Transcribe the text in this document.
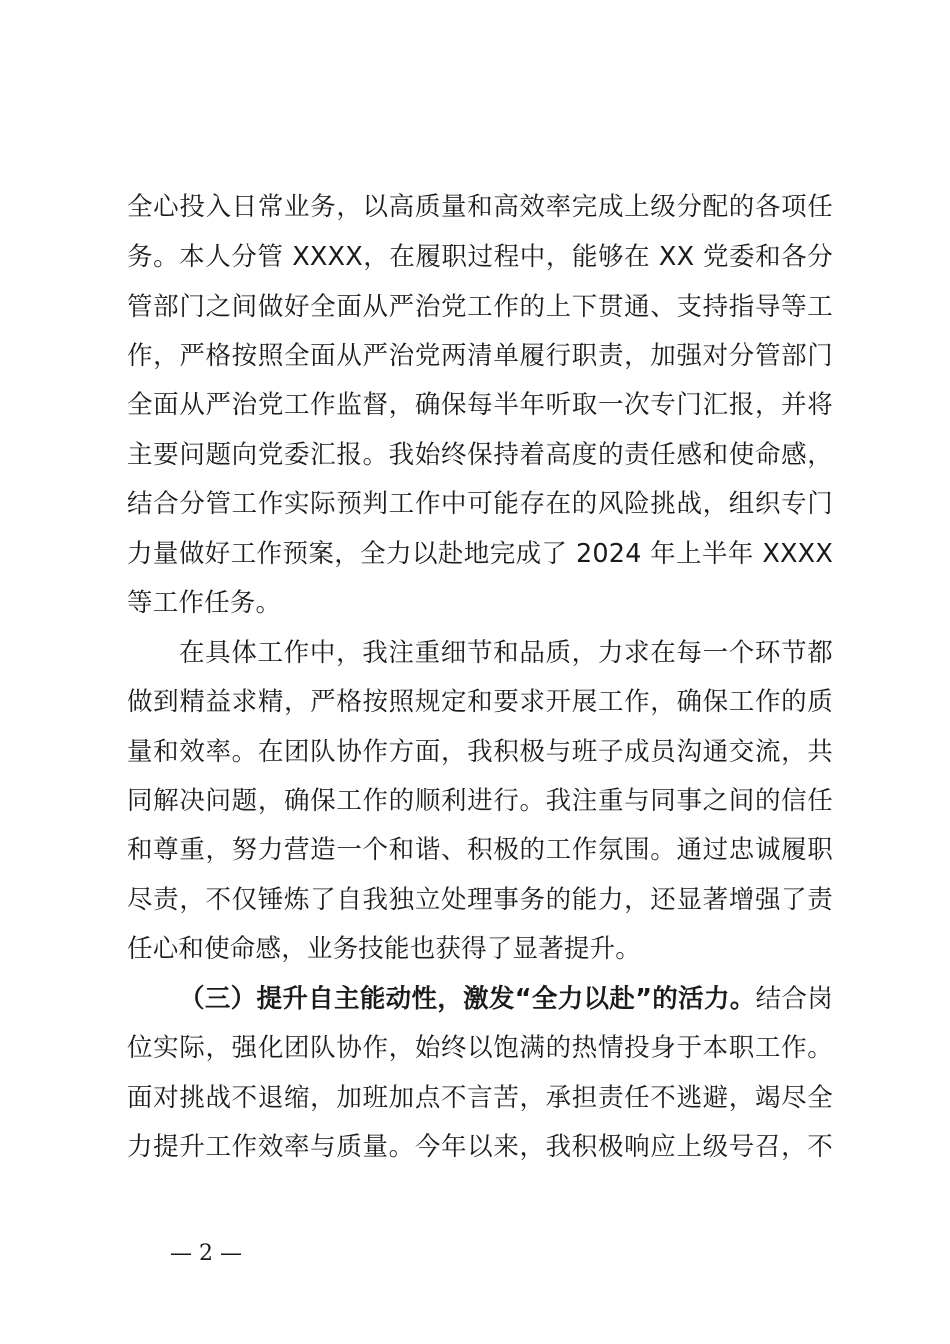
全心投入日常业务，以高质量和高效率完成上级分配的各项任
务。本人分管 XXXX，在履职过程中，能够在 XX 党委和各分
管部门之间做好全面从严治党工作的上下贯通、支持指导等工
作，严格按照全面从严治党两清单履行职责，加强对分管部门
全面从严治党工作监督，确保每半年听取一次专门汇报，并将
主要问题向党委汇报。我始终保持着高度的责任感和使命感，
结合分管工作实际预判工作中可能存在的风险挑战，组织专门
力量做好工作预案，全力以赴地完成了 2024 年上半年 XXXX
等工作任务。
在具体工作中，我注重细节和品质，力求在每一个环节都
做到精益求精，严格按照规定和要求开展工作，确保工作的质
量和效率。在团队协作方面，我积极与班子成员沟通交流，共
同解决问题，确保工作的顺利进行。我注重与同事之间的信任
和尊重，努力营造一个和谐、积极的工作氛围。通过忠诚履职
尽责，不仅锤炼了自我独立处理事务的能力，还显著增强了责
任心和使命感，业务技能也获得了显著提升。
（三）提升自主能动性，激发“全力以赴”的活力。结合岗
位实际，强化团队协作，始终以饱满的热情投身于本职工作。
面对挑战不退缩，加班加点不言苦，承担责任不逃避，竭尽全
力提升工作效率与质量。今年以来，我积极响应上级号召，不
— 2 —
